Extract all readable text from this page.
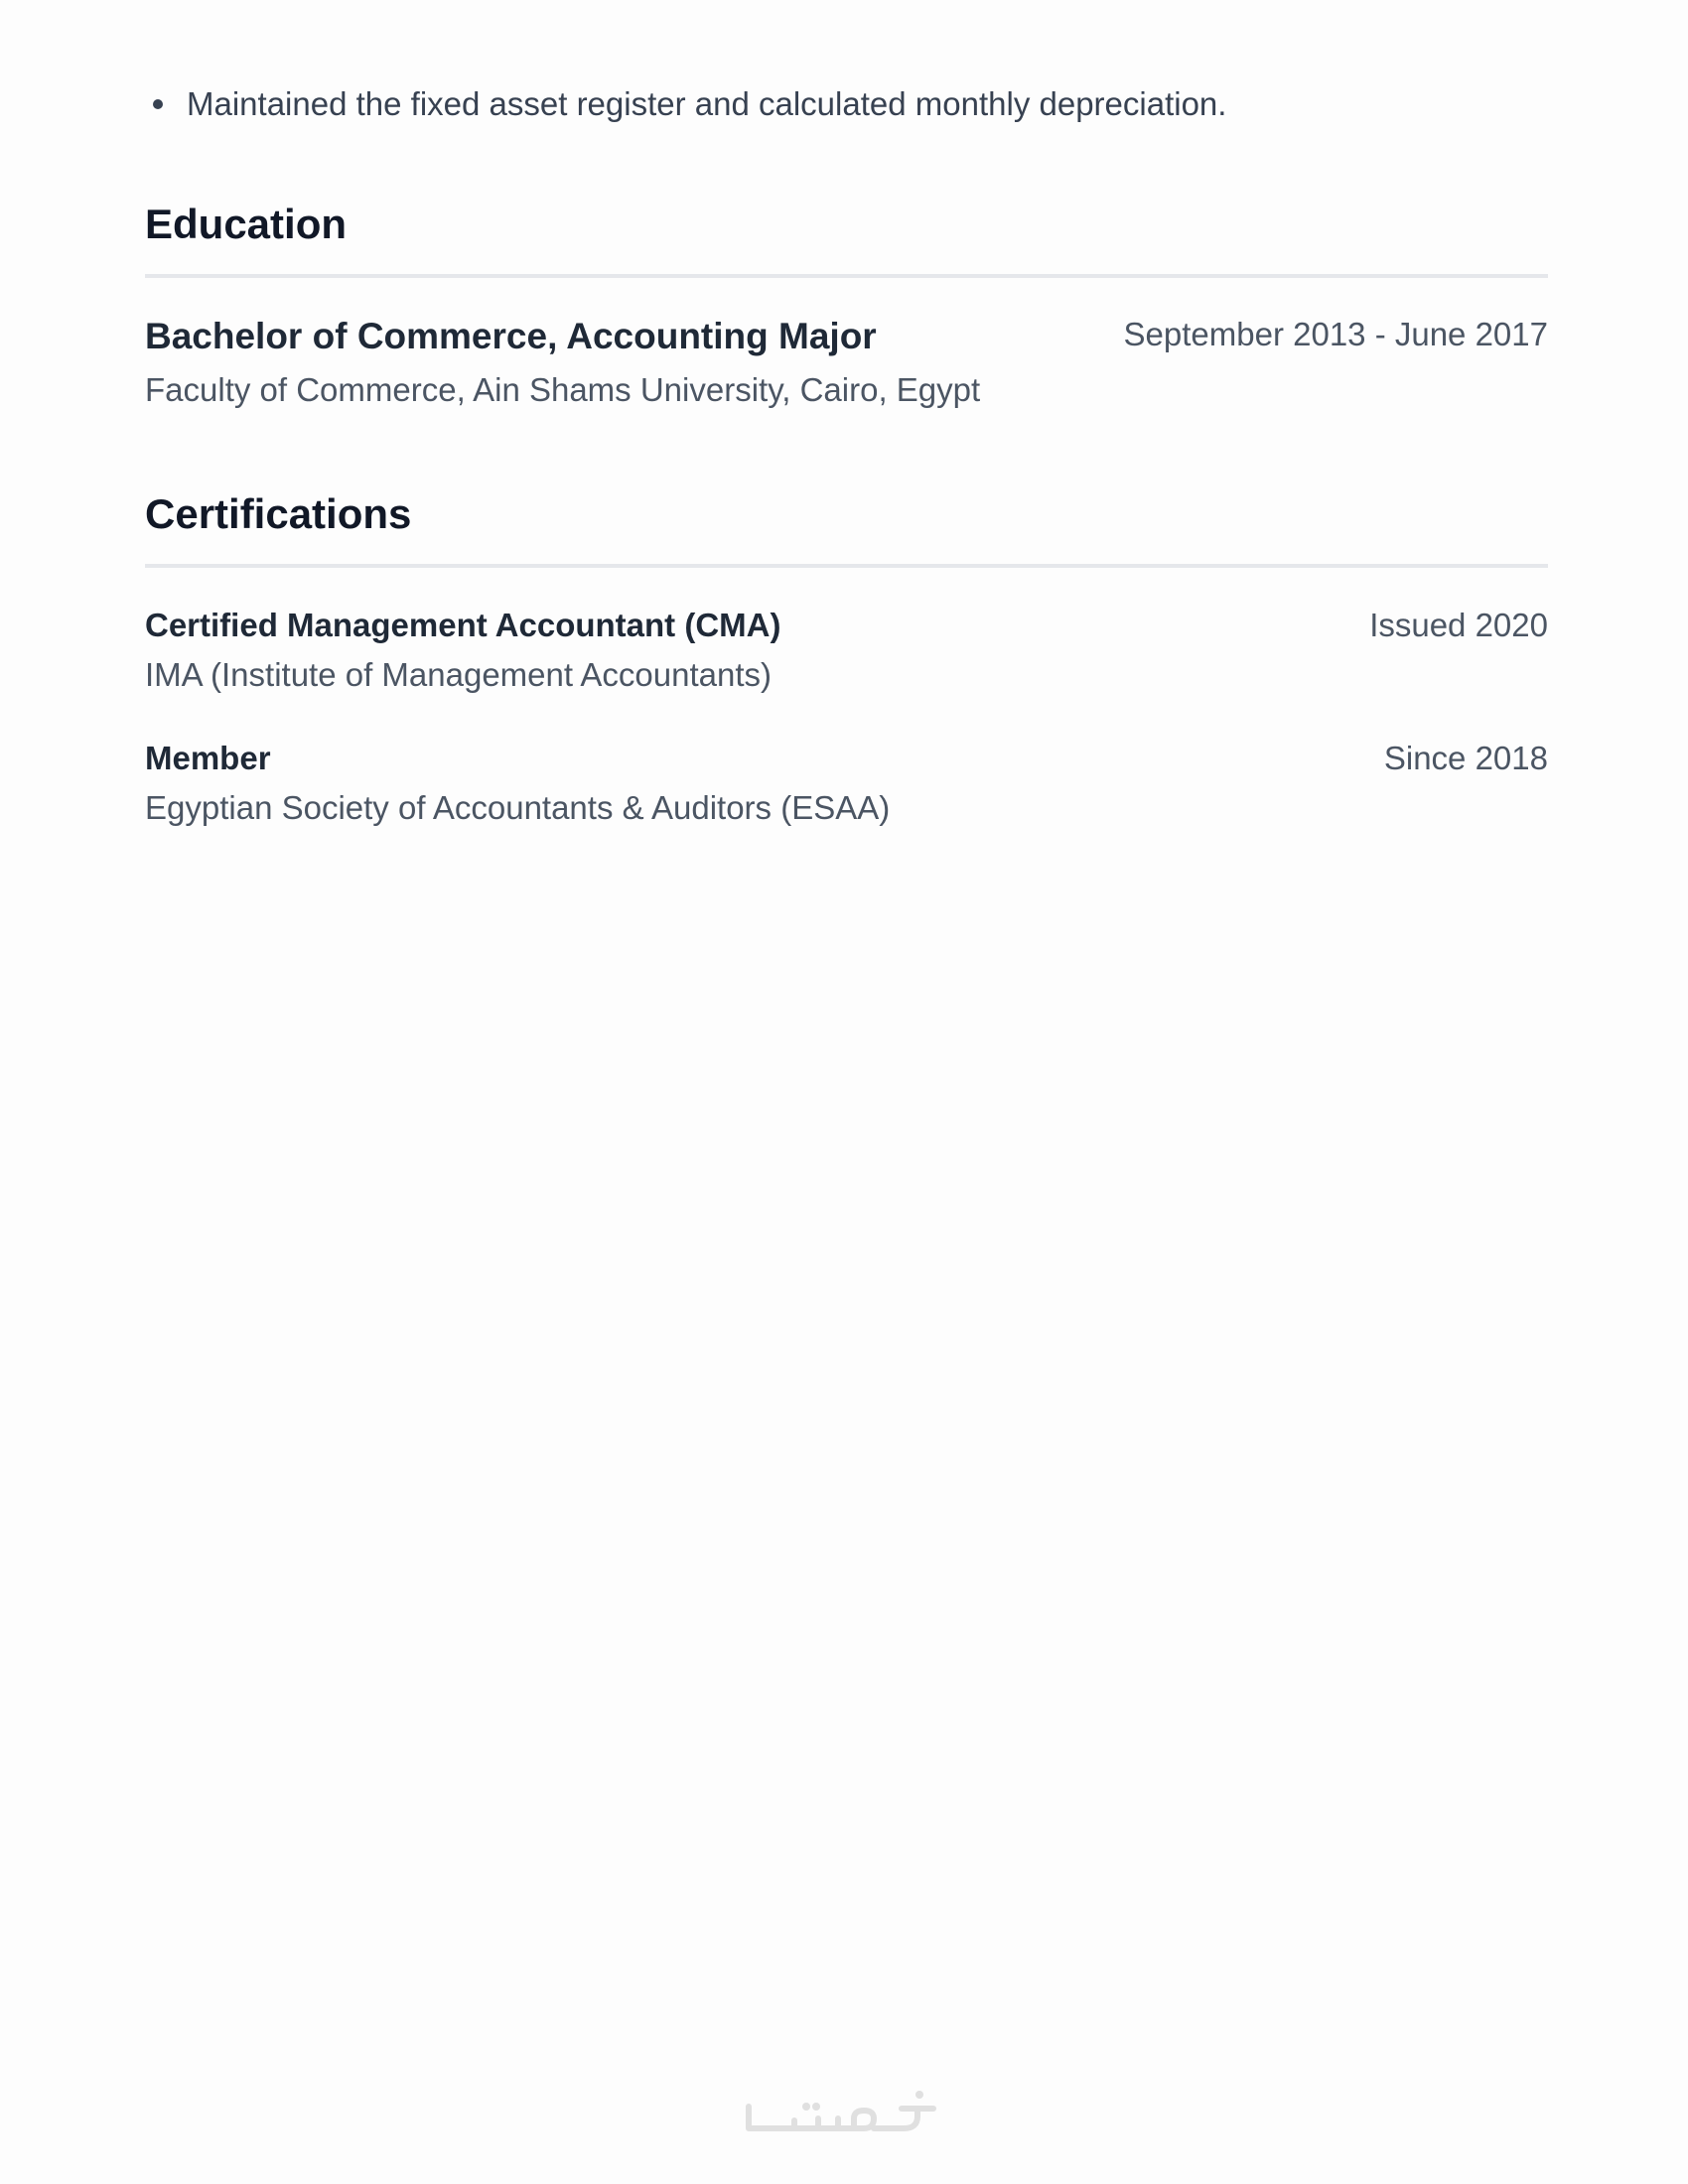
Maintained the fixed asset register and calculated monthly depreciation.
Education
Bachelor of Commerce, Accounting Major	September 2013 - June 2017
Faculty of Commerce, Ain Shams University, Cairo, Egypt
Certifications
Certified Management Accountant (CMA)	Issued 2020
IMA (Institute of Management Accountants)
Member	Since 2018
Egyptian Society of Accountants & Auditors (ESAA)
